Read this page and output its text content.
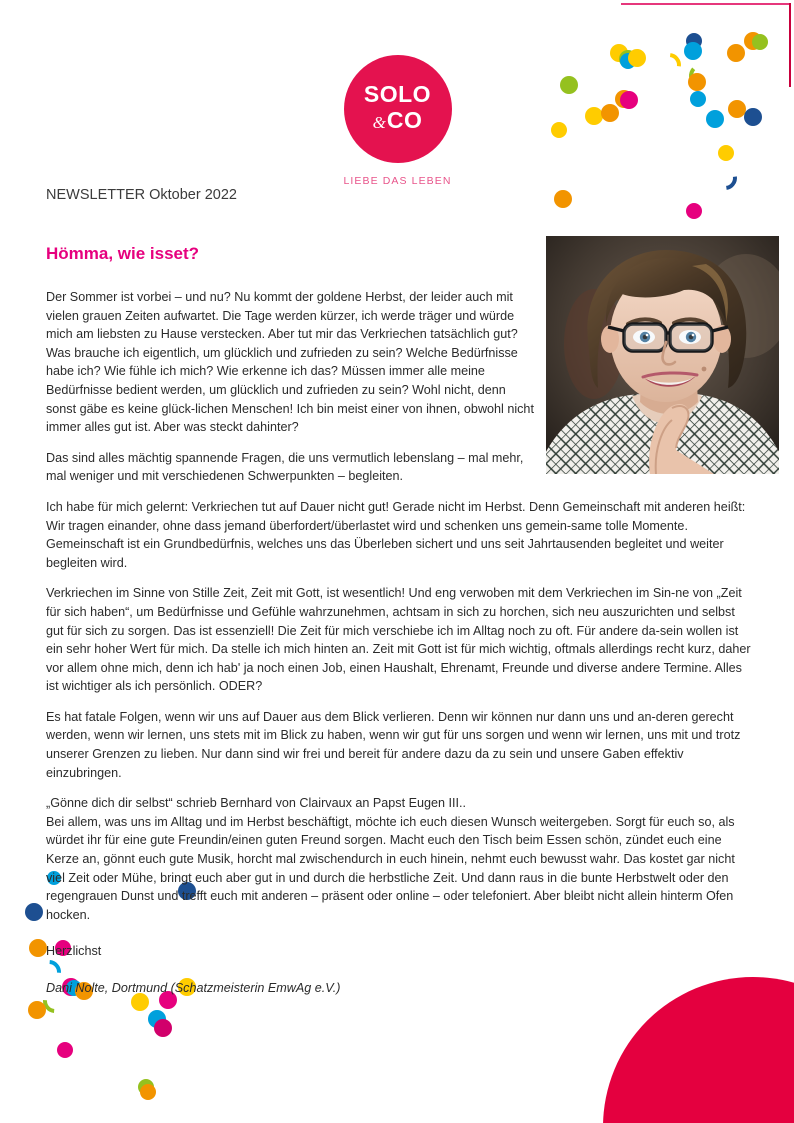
SOLO
& CO
LIEBE DAS LEBEN
NEWSLETTER Oktober 2022
Hömma, wie isset?

Der Sommer ist vorbei – und nu? Nu kommt der goldene Herbst, der leider auch mit vielen grauen Zeiten aufwartet. Die Tage werden kürzer, ich werde träger und würde mich am liebsten zu Hause verstecken. Aber tut mir das Verkriechen tatsächlich gut? Was brauche ich eigentlich, um glücklich und zufrieden zu sein? Welche Bedürfnisse habe ich? Wie fühle ich mich? Wie erkenne ich das? Müssen immer alle meine Bedürfnisse bedient werden, um glücklich und zufrieden zu sein? Wohl nicht, denn sonst gäbe es keine glück-lichen Menschen! Ich bin meist einer von ihnen, obwohl nicht immer alles gut ist. Aber was steckt dahinter?

Das sind alles mächtig spannende Fragen, die uns vermutlich lebenslang – mal mehr, mal weniger und mit verschiedenen Schwerpunkten – begleiten.

Ich habe für mich gelernt: Verkriechen tut auf Dauer nicht gut! Gerade nicht im Herbst. Denn Gemeinschaft mit anderen heißt: Wir tragen einander, ohne dass jemand überfordert/überlastet wird und schenken uns gemein-same tolle Momente. Gemeinschaft ist ein Grundbedürfnis, welches uns das Überleben sichert und uns seit Jahrtausenden begleitet und weiter begleiten wird.

Verkriechen im Sinne von Stille Zeit, Zeit mit Gott, ist wesentlich! Und eng verwoben mit dem Verkriechen im Sin-ne von „Zeit für sich haben“, um Bedürfnisse und Gefühle wahrzunehmen, achtsam in sich zu horchen, sich neu auszurichten und selbst gut für sich zu sorgen. Das ist essenziell! Die Zeit für mich verschiebe ich im Alltag noch zu oft. Für andere da-sein wollen ist ein sehr hoher Wert für mich. Da stelle ich mich hinten an. Zeit mit Gott ist für mich wichtig, oftmals allerdings recht kurz, daher vor allem ohne mich, denn ich hab' ja noch einen Job, einen Haushalt, Ehrenamt, Freunde und diverse andere Termine. Alles ist wichtiger als ich persönlich. ODER?

Es hat fatale Folgen, wenn wir uns auf Dauer aus dem Blick verlieren. Denn wir können nur dann uns und an-deren gerecht werden, wenn wir lernen, uns stets mit im Blick zu haben, wenn wir gut für uns sorgen und wenn wir lernen, uns mit und trotz unserer Grenzen zu lieben. Nur dann sind wir frei und bereit für andere dazu da zu sein und unsere Gaben effektiv einzubringen.

„Gönne dich dir selbst“ schrieb Bernhard von Clairvaux an Papst Eugen III..

Bei allem, was uns im Alltag und im Herbst beschäftigt, möchte ich euch diesen Wunsch weitergeben. Sorgt für euch so, als würdet ihr für eine gute Freundin/einen guten Freund sorgen. Macht euch den Tisch beim Essen schön, zündet euch eine Kerze an, gönnt euch gute Musik, horcht mal zwischendurch in euch hinein, nehmt euch bewusst wahr. Das kostet gar nicht viel Zeit oder Mühe, bringt euch aber gut in und durch die herbstliche Zeit. Und dann raus in die bunte Herbstwelt oder den regengrauen Dunst und trefft euch mit anderen – präsent oder online – oder telefoniert. Aber bleibt nicht allein hinterm Ofen hocken.

Herzlichst

Dani Nolte, Dortmund (Schatzmeisterin EmwAg e.V.)
